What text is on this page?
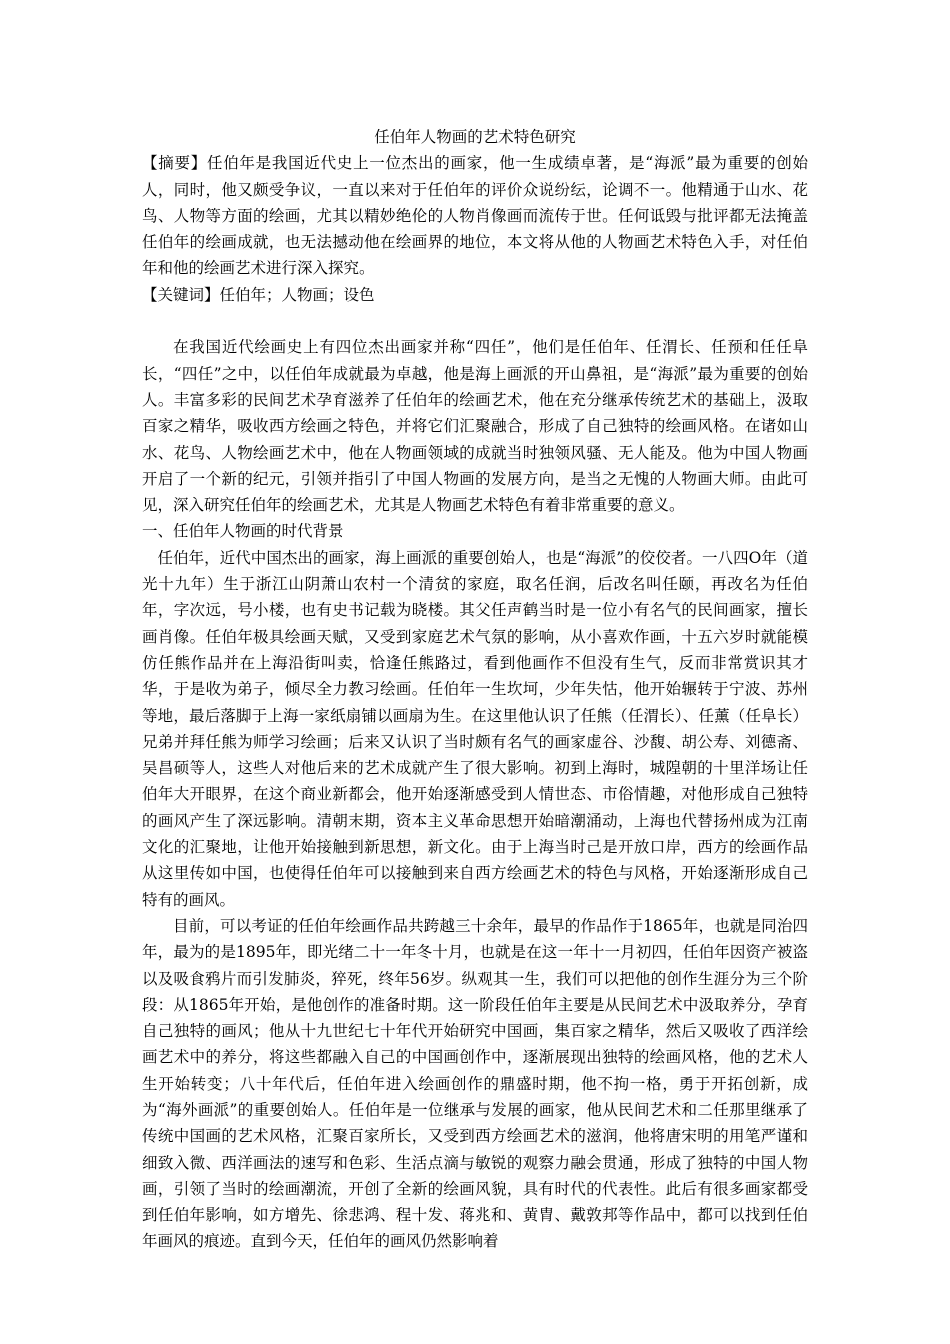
任伯年人物画的艺术特色研究

【摘要】任伯年是我国近代史上一位杰出的画家，他一生成绩卓著，是“海派”最为重要的创始人，同时，他又颇受争议，一直以来对于任伯年的评价众说纷纭，论调不一。他精通于山水、花鸟、人物等方面的绘画，尤其以精妙绝伦的人物肖像画而流传于世。任何诋毁与批评都无法掩盖任伯年的绘画成就，也无法撼动他在绘画界的地位，本文将从他的人物画艺术特色入手，对任伯年和他的绘画艺术进行深入探究。

【关键词】任伯年；人物画；设色

在我国近代绘画史上有四位杰出画家并称“四任”，他们是任伯年、任渭长、任预和任任阜长，“四任”之中，以任伯年成就最为卓越，他是海上画派的开山鼻祖，是“海派”最为重要的创始人。丰富多彩的民间艺术孕育滋养了任伯年的绘画艺术，他在充分继承传统艺术的基础上，汲取百家之精华，吸收西方绘画之特色，并将它们汇聚融合，形成了自己独特的绘画风格。在诸如山水、花鸟、人物绘画艺术中，他在人物画领域的成就当时独领风骚、无人能及。他为中国人物画开启了一个新的纪元，引领并指引了中国人物画的发展方向，是当之无愧的人物画大师。由此可见，深入研究任伯年的绘画艺术，尤其是人物画艺术特色有着非常重要的意义。

一、任伯年人物画的时代背景

任伯年，近代中国杰出的画家，海上画派的重要创始人，也是“海派”的佼佼者。一八四O年（道光十九年）生于浙江山阴萧山农村一个清贫的家庭，取名任润，后改名叫任颐，再改名为任伯年，字次远，号小楼，也有史书记载为晓楼。其父任声鹤当时是一位小有名气的民间画家，擅长画肖像。任伯年极具绘画天赋，又受到家庭艺术气氛的影响，从小喜欢作画，十五六岁时就能模仿任熊作品并在上海沿街叫卖，恰逢任熊路过，看到他画作不但没有生气，反而非常赏识其才华，于是收为弟子，倾尽全力教习绘画。任伯年一生坎坷，少年失怙，他开始辗转于宁波、苏州等地，最后落脚于上海一家纸扇铺以画扇为生。在这里他认识了任熊（任渭长）、任薰（任阜长）兄弟并拜任熊为师学习绘画；后来又认识了当时颇有名气的画家虚谷、沙馥、胡公寿、刘德斋、吴昌硕等人，这些人对他后来的艺术成就产生了很大影响。初到上海时，城隍朝的十里洋场让任伯年大开眼界，在这个商业新都会，他开始逐渐感受到人情世态、市俗情趣，对他形成自己独特的画风产生了深远影响。清朝末期，资本主义革命思想开始暗潮涌动，上海也代替扬州成为江南文化的汇聚地，让他开始接触到新思想，新文化。由于上海当时己是开放口岸，西方的绘画作品从这里传如中国，也使得任伯年可以接触到来自西方绘画艺术的特色与风格，开始逐渐形成自己特有的画风。

目前，可以考证的任伯年绘画作品共跨越三十余年，最早的作品作于1865年，也就是同治四年，最为的是1895年，即光绪二十一年冬十月，也就是在这一年十一月初四，任伯年因资产被盗以及吸食鸦片而引发肺炎，猝死，终年56岁。纵观其一生，我们可以把他的创作生涯分为三个阶段：从1865年开始，是他创作的准备时期。这一阶段任伯年主要是从民间艺术中汲取养分，孕育自己独特的画风；他从十九世纪七十年代开始研究中国画，集百家之精华，然后又吸收了西洋绘画艺术中的养分，将这些都融入自己的中国画创作中，逐渐展现出独特的绘画风格，他的艺术人生开始转变；八十年代后，任伯年进入绘画创作的鼎盛时期，他不拘一格，勇于开拓创新，成为“海外画派”的重要创始人。任伯年是一位继承与发展的画家，他从民间艺术和二任那里继承了传统中国画的艺术风格，汇聚百家所长，又受到西方绘画艺术的滋润，他将唐宋明的用笔严谨和细致入微、西洋画法的速写和色彩、生活点滴与敏锐的观察力融会贯通，形成了独特的中国人物画，引领了当时的绘画潮流，开创了全新的绘画风貌，具有时代的代表性。此后有很多画家都受到任伯年影响，如方增先、徐悲鸿、程十发、蒋兆和、黄胄、戴敦邦等作品中，都可以找到任伯年画风的痕迹。直到今天，任伯年的画风仍然影响着
